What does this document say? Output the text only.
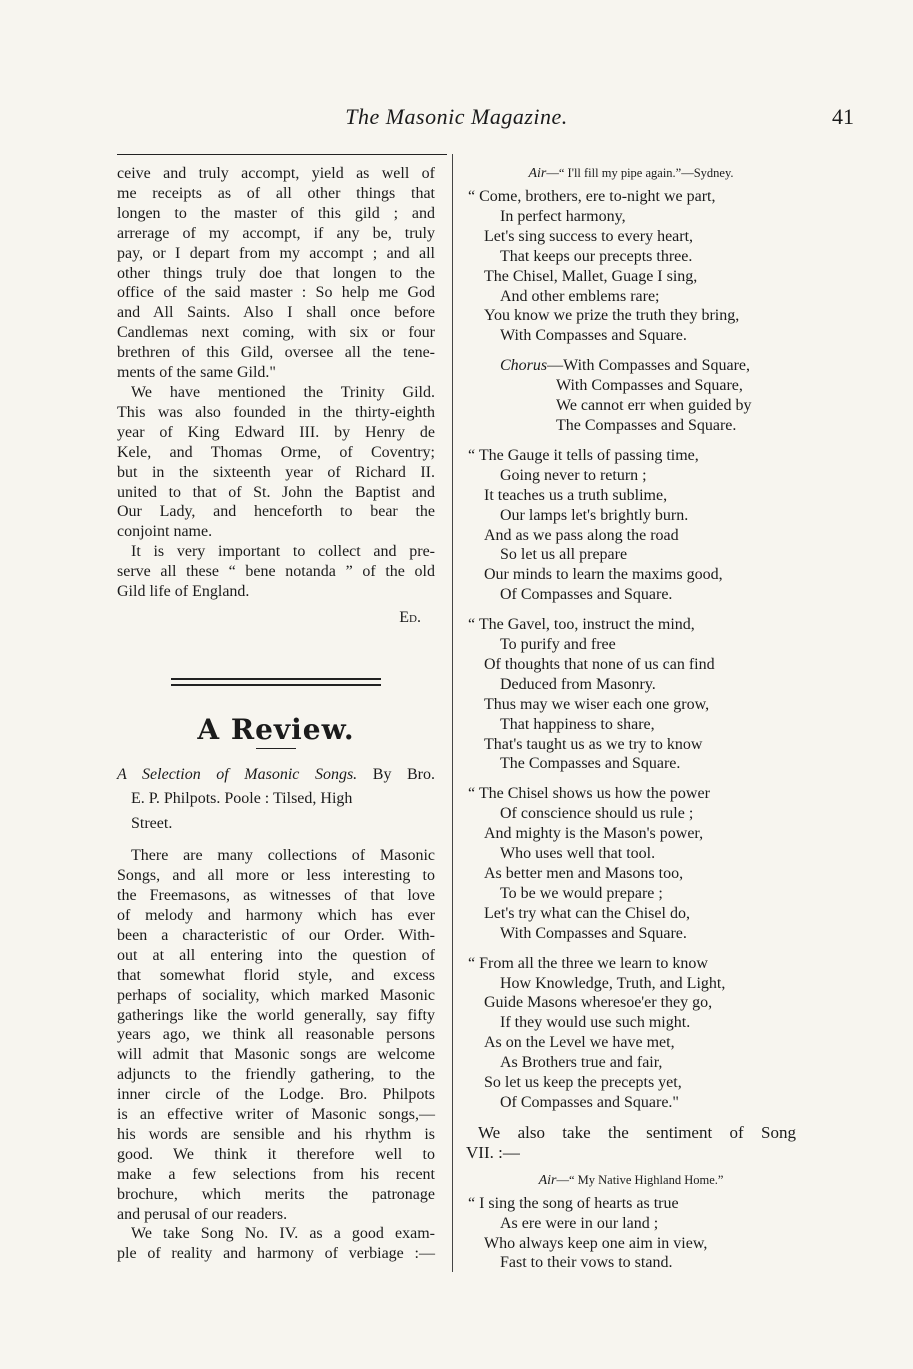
The Masonic Magazine.	41
ceive and truly accompt, yield as well of
me receipts as of all other things that
longen to the master of this gild ; and
arrerage of my accompt, if any be, truly
pay, or I depart from my accompt ; and all
other things truly doe that longen to the
office of the said master : So help me God
and All Saints. Also I shall once before
Candlemas next coming, with six or four
brethren of this Gild, oversee all the tene-
ments of the same Gild."
We have mentioned the Trinity Gild.
This was also founded in the thirty-eighth
year of King Edward III. by Henry de
Kele, and Thomas Orme, of Coventry;
but in the sixteenth year of Richard II.
united to that of St. John the Baptist and
Our Lady, and henceforth to bear the
conjoint name.
It is very important to collect and pre-
serve all these “ bene notanda ” of the old
Gild life of England.
Ed.
A Review.
A Selection of Masonic Songs. By Bro.
E. P. Philpots. Poole : Tilsed, High
Street.
There are many collections of Masonic
Songs, and all more or less interesting to
the Freemasons, as witnesses of that love
of melody and harmony which has ever
been a characteristic of our Order. With-
out at all entering into the question of
that somewhat florid style, and excess
perhaps of sociality, which marked Masonic
gatherings like the world generally, say fifty
years ago, we think all reasonable persons
will admit that Masonic songs are welcome
adjuncts to the friendly gathering, to the
inner circle of the Lodge. Bro. Philpots
is an effective writer of Masonic songs,—
his words are sensible and his rhythm is
good. We think it therefore well to
make a few selections from his recent
brochure, which merits the patronage
and perusal of our readers.
We take Song No. IV. as a good exam-
ple of reality and harmony of verbiage :—
Air—“ I'll fill my pipe again.”—Sydney.
“ Come, brothers, ere to-night we part,
In perfect harmony,
Let's sing success to every heart,
That keeps our precepts three.
The Chisel, Mallet, Guage I sing,
And other emblems rare;
You know we prize the truth they bring,
With Compasses and Square.
Chorus—With Compasses and Square,
With Compasses and Square,
We cannot err when guided by
The Compasses and Square.
“ The Gauge it tells of passing time,
Going never to return ;
It teaches us a truth sublime,
Our lamps let's brightly burn.
And as we pass along the road
So let us all prepare
Our minds to learn the maxims good,
Of Compasses and Square.
“ The Gavel, too, instruct the mind,
To purify and free
Of thoughts that none of us can find
Deduced from Masonry.
Thus may we wiser each one grow,
That happiness to share,
That's taught us as we try to know
The Compasses and Square.
“ The Chisel shows us how the power
Of conscience should us rule ;
And mighty is the Mason's power,
Who uses well that tool.
As better men and Masons too,
To be we would prepare ;
Let's try what can the Chisel do,
With Compasses and Square.
“ From all the three we learn to know
How Knowledge, Truth, and Light,
Guide Masons wheresoe'er they go,
If they would use such might.
As on the Level we have met,
As Brothers true and fair,
So let us keep the precepts yet,
Of Compasses and Square."
We also take the sentiment of Song
VII. :—
Air—“ My Native Highland Home.”
“ I sing the song of hearts as true
As ere were in our land ;
Who always keep one aim in view,
Fast to their vows to stand.
